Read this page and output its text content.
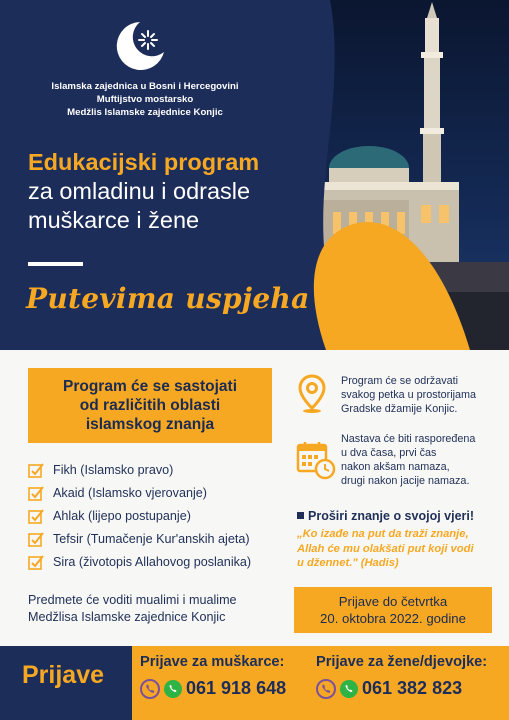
Islamska zajednica u Bosni i Hercegovini
Muftijstvo mostarsko
Medžlis Islamske zajednice Konjic
Edukacijski program
za omladinu i odrasle
muškarce i žene
Putevima uspjeha
Program će se sastojati
od različitih oblasti
islamskog znanja
Fikh (Islamsko pravo)
Akaid (Islamsko vjerovanje)
Ahlak (lijepo postupanje)
Tefsir (Tumačenje Kur'anskih ajeta)
Sira (životopis Allahovog poslanika)
Predmete će voditi mualimi i mualime
Medžlisa Islamske zajednice Konjic
Program će se održavati
svakog petka u prostorijama
Gradske džamije Konjic.
Nastava će biti raspoređena
u dva časa, prvi čas
nakon akšam namaza,
drugi nakon jacije namaza.
Proširi znanje o svojoj vjeri!
„Ko izađe na put da traži znanje,
Allah će mu olakšati put koji vodi
u džennet." (Hadis)
Prijave do četvrtka
20. oktobra 2022. godine
Prijave Prijave za muškarce:
061 918 648
Prijave za žene/djevojke:
061 382 823
